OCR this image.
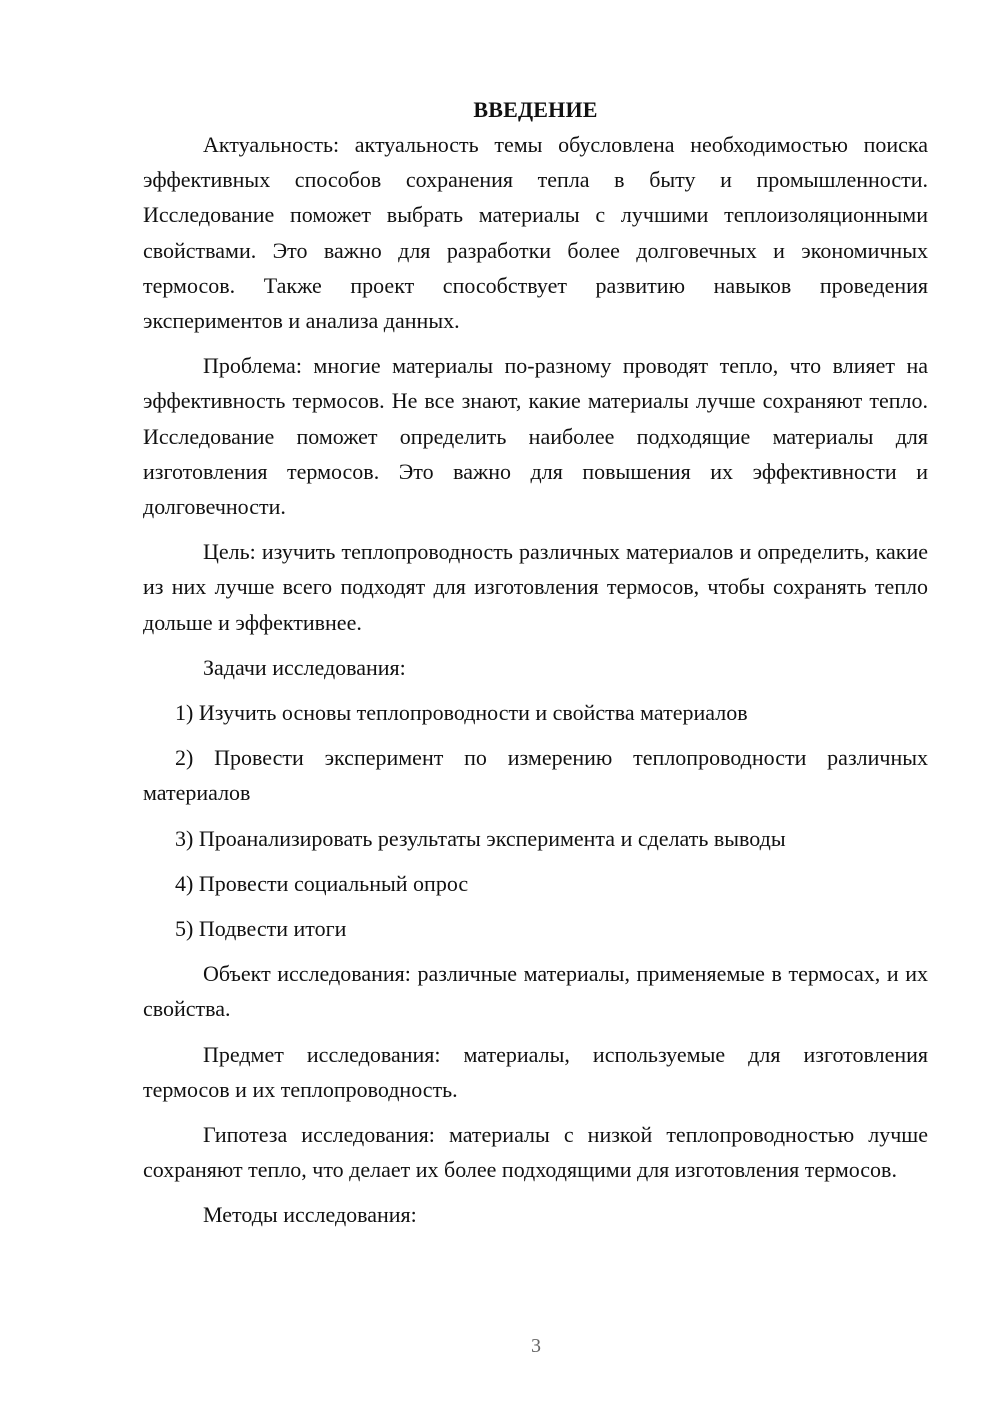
ВВЕДЕНИЕ

Актуальность: актуальность темы обусловлена необходимостью поиска эффективных способов сохранения тепла в быту и промышленности. Исследование поможет выбрать материалы с лучшими теплоизоляционными свойствами. Это важно для разработки более долговечных и экономичных термосов. Также проект способствует развитию навыков проведения экспериментов и анализа данных.

Проблема: многие материалы по-разному проводят тепло, что влияет на эффективность термосов. Не все знают, какие материалы лучше сохраняют тепло. Исследование поможет определить наиболее подходящие материалы для изготовления термосов. Это важно для повышения их эффективности и долговечности.

Цель: изучить теплопроводность различных материалов и определить, какие из них лучше всего подходят для изготовления термосов, чтобы сохранять тепло дольше и эффективнее.

Задачи исследования:

1) Изучить основы теплопроводности и свойства материалов

2) Провести эксперимент по измерению теплопроводности различных материалов

3) Проанализировать результаты эксперимента и сделать выводы

4) Провести социальный опрос

5) Подвести итоги

Объект исследования: различные материалы, применяемые в термосах, и их свойства.

Предмет исследования: материалы, используемые для изготовления термосов и их теплопроводность.

Гипотеза исследования: материалы с низкой теплопроводностью лучше сохраняют тепло, что делает их более подходящими для изготовления термосов.

Методы исследования:

3
